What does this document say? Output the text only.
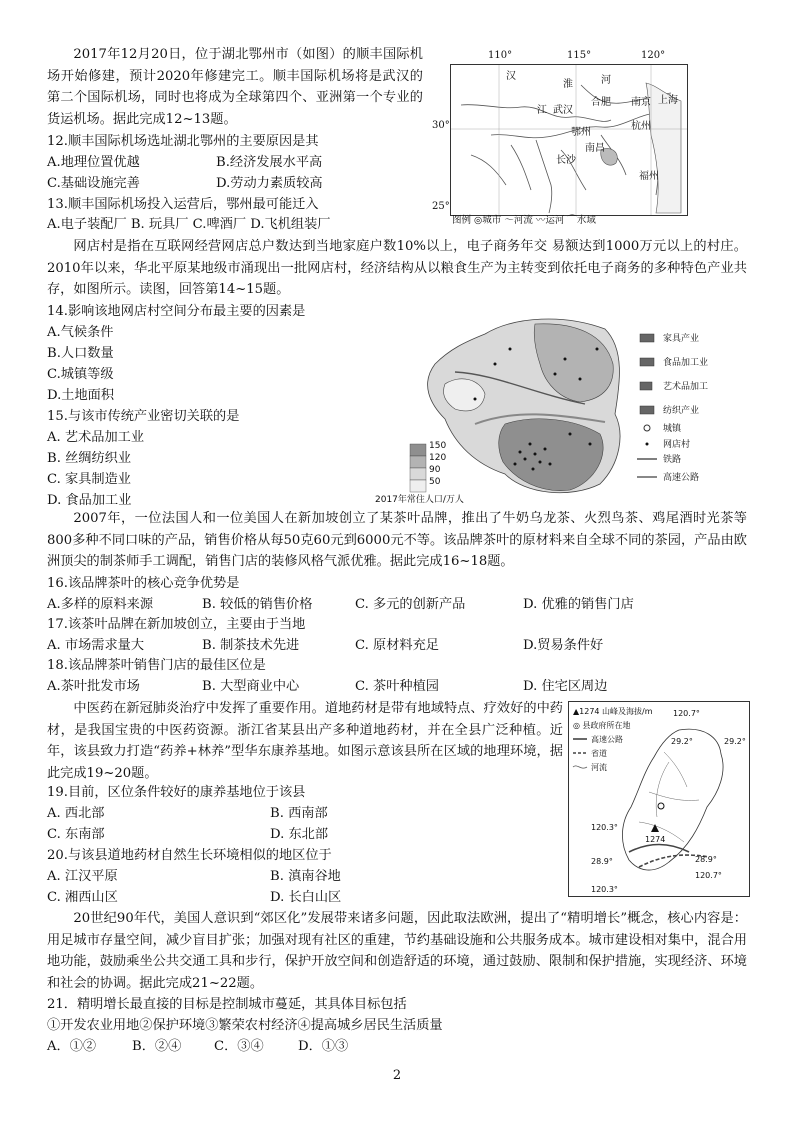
2017年12月20日，位于湖北鄂州市（如图）的顺丰国际机场开始修建，预计2020年修建完工。顺丰国际机场将是武汉的第二个国际机场，同时也将成为全球第四个、亚洲第一个专业的货运机场。据此完成12~13题。
12.顺丰国际机场选址湖北鄂州的主要原因是其
A.地理位置优越	B.经济发展水平高
C.基础设施完善	D.劳动力素质较高
13.顺丰国际机场投入运营后，鄂州最可能迁入
A.电子装配厂 B. 玩具厂 C.啤酒厂 D.飞机组装厂
汉
淮	河
江 武汉
合肥 南京 上海
杭州
鄂州
长沙
南昌
福州
110°	115°	120°
30°
25°
图例 ◎城市 〜河流 〰运河 ⌒水域
网店村是指在互联网经营网店总户数达到当地家庭户数10%以上，电子商务年交 易额达到1000万元以上的村庄。2010年以来，华北平原某地级市涌现出一批网店村，经济结构从以粮食生产为主转变到依托电子商务的多种特色产业共存，如图所示。读图，回答第14~15题。
14.影响该地网店村空间分布最主要的因素是
A.气候条件
B.人口数量
C.城镇等级
D.土地面积
15.与该市传统产业密切关联的是
A. 艺术品加工业
B. 丝绸纺织业
C. 家具制造业
D. 食品加工业
150
120
90
50
2017年常住人口/万人
家具产业
食品加工业
艺术品加工
纺织产业
城镇
网店村
铁路
高速公路
2007年，一位法国人和一位美国人在新加坡创立了某茶叶品牌，推出了牛奶乌龙茶、火烈鸟茶、鸡尾酒时光茶等800多种不同口味的产品，销售价格从每50克60元到6000元不等。该品牌茶叶的原材料来自全球不同的茶园，产品由欧洲顶尖的制茶师手工调配，销售门店的装修风格气派优雅。据此完成16~18题。
16.该品牌茶叶的核心竞争优势是
A.多样的原料来源	B. 较低的销售价格	C. 多元的创新产品	D. 优雅的销售门店
17.该茶叶品牌在新加坡创立，主要由于当地
A. 市场需求量大	B. 制茶技术先进	C. 原材料充足	D.贸易条件好
18.该品牌茶叶销售门店的最佳区位是
A.茶叶批发市场	B. 大型商业中心	C. 茶叶种植园	D. 住宅区周边
中医药在新冠肺炎治疗中发挥了重要作用。道地药材是带有地域特点、疗效好的中药材，是我国宝贵的中医药资源。浙江省某县出产多种道地药材，并在全县广泛种植。近年，该县致力打造“药养+林养”型华东康养基地。如图示意该县所在区域的地理环境，据此完成19~20题。
19.目前，区位条件较好的康养基地位于该县
A. 西北部	B. 西南部
C. 东南部	D. 东北部
20.与该县道地药材自然生长环境相似的地区位于
A. 江汉平原	B. 滇南谷地
C. 湘西山区	D. 长白山区
▲1274 山峰及海拔/m
◎ 县政府所在地
高速公路
省道
河流
120.7°
29.2°	29.2°
120.3°
1274
28.9°	28.9°
120.7°
120.3°
20世纪90年代，美国人意识到“郊区化”发展带来诸多问题，因此取法欧洲，提出了“精明增长”概念，核心内容是：用足城市存量空间，减少盲目扩张；加强对现有社区的重建，节约基础设施和公共服务成本。城市建设相对集中，混合用地功能，鼓励乘坐公共交通工具和步行，保护开放空间和创造舒适的环境，通过鼓励、限制和保护措施，实现经济、环境和社会的协调。据此完成21~22题。
21．精明增长最直接的目标是控制城市蔓延，其具体目标包括
①开发农业用地②保护环境③繁荣农村经济④提高城乡居民生活质量
A．①②	B．②④ C．③④	D．①③
2
